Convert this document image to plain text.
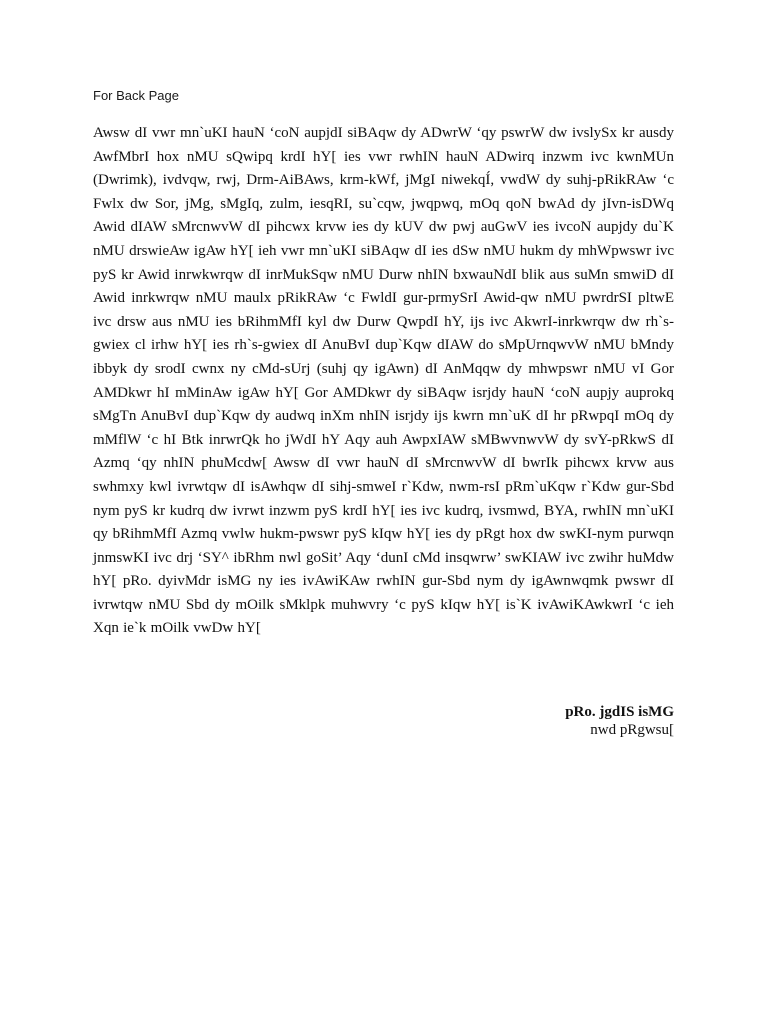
For Back Page

Awsw dI vwr mn`uKI hauN ‘coN aupjdI siBAqw dy ADwrW ‘qy pswrW dw ivslySx kr ausdy AwfMbrI hox nMU sQwipq krdI hY[ ies vwr rwhIN hauN ADwirq inzwm ivc kwnMUn (Dwrimk), ivdvqw, rwj, Drm-AiBAws, krm-kWf, jMgI niwekqÍ, vwdW dy suhj-pRikRAw ‘c Fwlx dw Sor, jMg, sMgIq, zulm, iesqRI, su`cqw, jwqpwq, mOq qoN bwAd dy jIvn-isDWq Awid dIAW sMrcnwvW dI pihcwx krvw ies dy kUV dw pwj auGwV ies ivcoN aupjdy du`K nMU drswieAw igAw hY[ ieh vwr mn`uKI siBAqw dI ies dSw nMU hukm dy mhWpwswr ivc pyS kr Awid inrwkwrqw dI inrMukSqw nMU Durw nhIN bxwauNdI blik aus suMn smwiD dI Awid inrkwrqw nMU maulx pRikRAw ‘c FwldI gur-prmySrI Awid-qw nMU pwrdrSI pltwE ivc drsw aus nMU ies bRihmMfI kyl dw Durw QwpdI hY, ijs ivc AkwrI-inrkwrqw dw rh`s-gwiex cl irhw hY[ ies rh`s-gwiex dI AnuBvI dup`Kqw dIAW do sMpUrnqwvW nMU bMndy ibbyk dy srodI cwnx ny cMd-sUrj (suhj qy igAwn) dI AnMqqw dy mhwpswr nMU vI Gor AMDkwr hI mMinAw igAw hY[ Gor AMDkwr dy siBAqw isrjdy hauN ‘coN aupjy auprokq sMgTn AnuBvI dup`Kqw dy audwq inXm nhIN isrjdy ijs kwrn mn`uK dI hr pRwpqI mOq dy mMflW ‘c hI Btk inrwrQk ho jWdI hY Aqy auh AwpxIAW sMBwvnwvW dy svY-pRkwS dI Azmq ‘qy nhIN phuMcdw[ Awsw dI vwr hauN dI sMrcnwvW dI bwrIk pihcwx krvw aus swhmxy kwl ivrwtqw dI isAwhqw dI sihj-smweI r`Kdw, nwm-rsI pRm`uKqw r`Kdw gur-Sbd nym pyS kr kudrq dw ivrwt inzwm pyS krdI hY[ ies ivc kudrq, ivsmwd, BYA, rwhIN mn`uKI qy bRihmMfI Azmq vwlw hukm-pwswr pyS kIqw hY[ ies dy pRgt hox dw swKI-nym purwqn jnmswKI ivc drj ‘SY^ ibRhm nwl goSit’ Aqy ‘dunI cMd insqwrw’ swKIAW ivc zwihr huMdw hY[ pRo. dyivMdr isMG ny ies ivAwiKAw rwhIN gur-Sbd nym dy igAwnwqmk pwswr dI ivrwtqw nMU Sbd dy mOilk sMklpk muhwvry ‘c pyS kIqw hY[ is`K ivAwiKAwkwrI ‘c ieh Xqn ie`k mOilk vwDw hY[

pRo. jgdIS isMG
nwd pRgwsu[
